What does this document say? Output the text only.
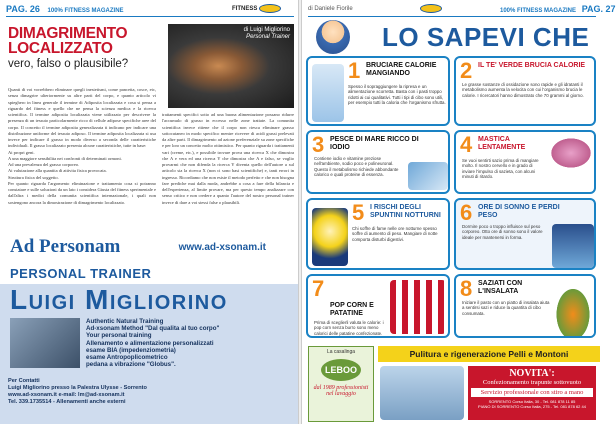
PAG. 26 100% FITNESS MAGAZINE	FITNESS
DIMAGRIMENTO LOCALIZZATO
vero, falso o plausibile?
di Luigi Migliorino
Personal Trainer

Quanti di voi vorrebbero eliminare quegli inestetismi, come pancetta, cosce, etc, senza dimagrire ulteriormente su altre parti del corpo, e quanto articolo vi spieghero in linea generale il termine di Adiposita localizzata e cosa si pensa a riguardo del fitness e quello che ne pensa la scienza medica e la ricerca scientifica. Il termine adiposita localizzata viene utilizzato per descrivere la presenza di un tessuto particolarmente ricco di cellule adipose specifiche aree del corpo. Il concetto il termine adiposita generalizzata ti indicano per indicare una distribuzione uniforme del tessuto adiposo. Il termine adiposita localizzata si usa invece per indicare il grasso in modo diverso a seconda delle caratteristiche individuali. Il grasso localizzato presenta alcune caratteristiche, tutte in base:

Ai propri geni.

A una maggiore sensibilita nei confronti di determinati ormoni.

Ad una prevalenza del grasso corporeo.

Ai valutazione alla quantita di attivita fisica provocata.

Struttura fisica del soggetto.

Per quanto riguarda l'argomento eliminazione e trattamento cosa si potranno constatare e sulle soluzioni da un lato i considera Giusta del fitness sperimentale e dall'altra i medici della comunita scientifica internazionale, i quali non sostengono ancora la dimostrazione di dimagrimento localizzato.

trattamenti specifici sotto ad una buona alimentazione possano ridurre l'accumulo di grasso in eccesso nelle zone trattate. La comunita scientifica invece ritiene che il corpo non riesca eliminare grasso sottocutaneo in modo specifico mentre ricevere di acidi grassi prelevati da altre parti. Il dimagrimento ad azione preferenziale su zone specifiche e per loro un concetto molto ottimistico. Per quanto riguarda i trattamenti vari (creme, etc.), e possibile trovare prova una ricerca X che dimostra che A e vera ed una ricerca Y che dimostra che A e falso, se voglio provarmi che non difenda la ricerca Y diventa quello dell'autore a sul articolo sia la ricerca X (non ci sono basi scientifiche) e, tanti errori in ingresso. Ricordiamo che non esiste il metodo perfetto e che non bisogna fare prediche mai dalla moda, andrebbe a cosa a fare della bilancia e dell'esperienza, al limite provare, ma per questo tempo analizzare con senso critico e non credere a quanto l'autore del nostro personal trainer invece di dare a voi stessi false o plausibili.

Ad Personam	www.ad-xsonam.it
PERSONAL TRAINER
Luigi Migliorino
Authentic Natural Training
Ad-xsonam Method "Dal qualita al tuo corpo"
Your personal training
Allenamento e alimentazione personalizzati
esame BIA (impedenziometria)
esame Antropoplicometrico
pedana a vibrazione "Globus".
Per Contatti
Luigi Migliorino presso la Palestra Ulysse - Sorrento
www.ad-xsonam.it e-mail: lm@ad-xsonam.it
Tel. 339.1735514 - Allenamenti anche esterni
di Daniele Fiorile	100% FITNESS MAGAZINE PAG. 27
LO SAPEVI CHE
1 BRUCIARE CALORIE MANGIANDO
Spesso il sopraggiungere la ripresa e un alimentazione scorretta. Basta con i pasti troppo ridotti ai cui qualitativi. Tutti i tipi di cibo sono utili, per esempio tutti la caloria che l'organismo sfrutta.
2 IL TE' VERDE BRUCIA CALORIE
Le grasse sostanze di ossidazione sono rapide e gli idratanti il metabolismo aumenta la velocita con cui l'organismo brucia le calorie. I ricercatori hanno dimostrato che 70 grammi al giorno.
3 PESCE DI MARE RICCO DI IODIO
Contiene iodio e vitamine preziose nell'ambiente, sodio poco e polineuronal. Questo il metabolismo richiede abbondante calorico e quali proteine di essenza.
4 MASTICA LENTAMENTE
Se vuoi sentirti sazio prima di mangiare molto. Il nostro cervello e in grado di inviare l'impulso di sazieta, con alcuni minuti di ritardo.
5 I RISCHI DEGLI SPUNTINI NOTTURNI
Chi soffre di fame nelle ore notturne spesso soffre di aumento di peso. Mangiare di notte comporta disturbi digestivi.
6 ORE DI SONNO E PERDI PESO
Dormire poco o troppo influisce sul peso corporeo. Otto ore di sonno sono il valore ideale per mantenersi in forma.
7
POP CORN E PATATINE
Prima di sceglierli valuta le calorie: i pop corn senza burro sono meno calorici delle patatine confezionate.
8 SAZIATI CON L'INSALATA
Iniziare il pasto con un piatto di insalata aiuta a sentirsi sazi e riduce la quantita di cibo consumata.
La casalinga
LEBOO
dal 1989 professionisti nel lavaggio
Pulitura e rigenerazione Pelli e Montoni
NOVITA':
Confezionamento trapunte sottovuoto
Servizio professionale con stiro a mano
SORRENTO Corso Italia, 30 - Tel. 081 878 11 85
PIANO DI SORRENTO Corso Italia, 275 - Tel. 081 878 62 44
